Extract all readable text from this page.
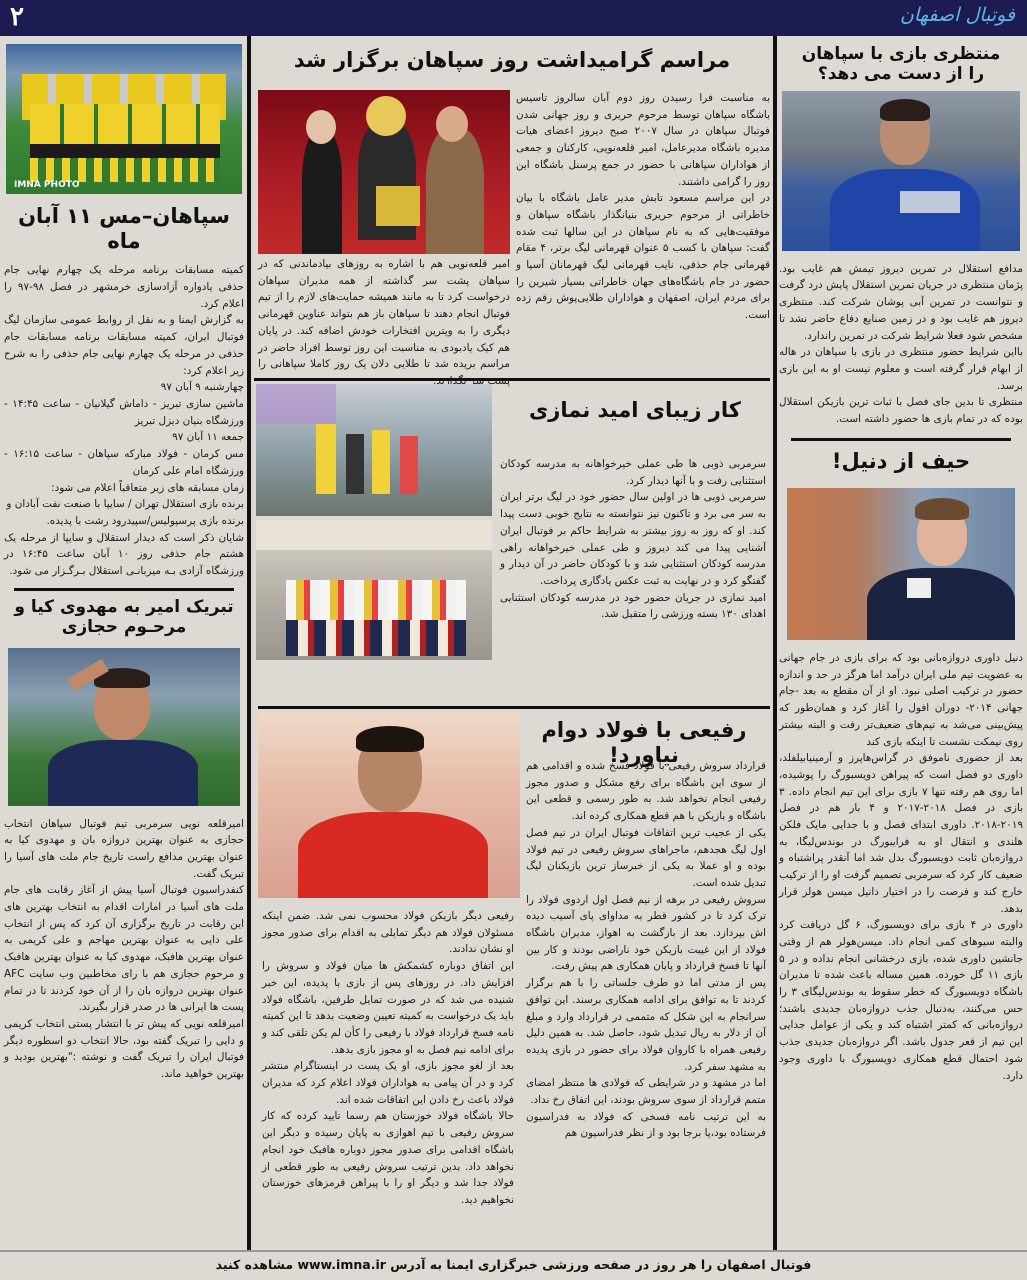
۲	فوتبال اصفهان
منتظری بازی با سپاهان را از دست می دهد؟

مدافع استقلال در تمرین دیروز تیمش هم غایب بود. پژمان منتظری در جریان تمرین استقلال پایش درد گرفت و نتوانست در تمرین آبی پوشان شرکت کند. منتظری دیروز هم غایب بود و در زمین صنایع دفاع حاضر نشد تا مشخص شود فعلا شرایط شرکت در تمرین راندارد.

بااین شرایط حضور منتظری در بازی با سپاهان در هاله از ابهام قرار گرفته است و معلوم نیست او به این بازی برسد.

منتظری تا بدین جای فصل با ثبات ترین بازیکن استقلال بوده که در تمام بازی ها حضور داشته است.

حیف از دنیل!

دنیل داوری دروازه‌بانی بود که برای بازی در جام جهانی به عضویت تیم ملی ایران درآمد اما هرگز در حد و اندازه حضور در ترکیب اصلی نبود. او از آن مقطع به بعد -جام جهانی ۲۰۱۴- دوران افول را آغاز کرد و همان‌طور که پیش‌بینی می‌شد به تیم‌های ضعیف‌تر رفت و البته بیشتر روی نیمکت نشست تا اینکه بازی کند

بعد از حضوری ناموفق در گراس‌هاپرز و آرمینیابیلفلد، داوری دو فصل است که پیراهن دویسبورگ را پوشیده، اما روی هم رفته تنها ۷ بازی برای این تیم انجام داده. ۳ بازی در فصل ۲۰۱۸-۲۰۱۷ و ۴ بار هم در فصل ۲۰۱۹-۲۰۱۸. داوری ابتدای فصل و با جدایی مایک فلکن هلندی و انتقال او به فرایبورگ در بوندس‌لیگا، به دروازه‌بان ثابت دویسبورگ بدل شد اما آنقدر پراشتباه و ضعیف کار کرد که سرمربی تصمیم گرفت او را از ترکیب خارج کند و فرصت را در اختیار دانیل میسن هولر قرار بدهد.

داوری در ۴ بازی برای دویسبورگ، ۶ گل دریافت کرد والبته سیوهای کمی انجام داد. میسن‌هولر هم از وقتی جانشین داوری شده، بازی درخشانی انجام نداده و در ۵ بازی ۱۱ گل خورده. همین مساله باعث شده تا مدیران باشگاه دویسبورگ که خطر سقوط به بوندس‌لیگای ۳ را حس می‌کنند، به‌دنبال جذب دروازه‌بان جدیدی باشند؛ دروازه‌بانی که کمتر اشتباه کند و یکی از عوامل جدایی این تیم از قعر جدول باشد. اگر دروازه‌بان جدیدی جذب شود احتمال قطع همکاری دویسبورگ با داوری وجود دارد.

مراسم گرامیداشت روز سپاهان برگزار شد

به مناسبت فرا رسیدن روز دوم آبان سالروز تاسیس باشگاه سپاهان توسط مرحوم حریری و روز جهانی شدن فوتبال سپاهان در سال ۲۰۰۷ صبح دیروز اعضای هیات مدیره باشگاه مدیرعامل، امیر قلعه‌نویی، کارکنان و جمعی از هواداران سپاهانی با حضور در جمع پرسنل باشگاه این روز را گرامی داشتند.

در این مراسم مسعود تابش مدیر عامل باشگاه با بیان خاطراتی از مرحوم حریری بنیانگذار باشگاه سپاهان و موفقیت‌هایی که به نام سپاهان در این سالها ثبت شده گفت: سپاهان با کسب ۵ عنوان قهرمانی لیگ برتر، ۴ مقام قهرمانی جام حذفی، نایب قهرمانی لیگ قهرمانان آسیا و حضور در جام باشگاه‌های جهان خاطراتی بسیار شیرین را برای مردم ایران، اصفهان و هواداران طلایی‌پوش رقم زده است.

امیر قلعه‌نویی هم با اشاره به روزهای بیادماندنی که در سپاهان پشت سر گذاشته از همه مدیران سپاهان درخواست کرد تا به مانند همیشه حمایت‌های لازم را از تیم فوتبال انجام دهند تا سپاهان باز هم بتواند عناوین قهرمانی دیگری را به ویترین افتخارات خودش اضافه کند. در پایان هم کیک یادبودی به مناسبت این روز توسط افراد حاضر در مراسم بریده شد تا طلایی دلان یک روز کاملا سپاهانی را

کار زیبای امید نمازی

سرمربی ذوبی ها طی عملی خیرخواهانه به مدرسه کودکان استثنایی رفت و با آنها دیدار کرد.

سرمربی ذوبی ها در اولین سال حضور خود در لیگ برتر ایران به سر می برد و تاکنون نیز نتوانسته به نتایج خوبی دست پیدا کند. او که روز به روز بیشتر به شرایط حاکم بر فوتبال ایران آشنایی پیدا می کند دیروز و طی عملی خیرخواهانه راهی مدرسه کودکان استثنایی شد و با کودکان حاضر در آن دیدار و گفتگو کرد و در نهایت به ثبت عکس یادگاری پرداخت.

امید نمازی در جریان حضور خود در مدرسه کودکان استثنایی اهدای ۱۳۰ بسته ورزشی را متقبل شد.

رفیعی با فولاد دوام نیاورد!

قرارداد سروش رفیعی با فولاد فسخ شده و اقدامی هم از سوی این باشگاه برای رفع مشکل و صدور مجوز رفیعی انجام نخواهد شد. به طور رسمی و قطعی این باشگاه و بازیکن با هم قطع همکاری کرده اند.

یکی از عجیب ترین اتفاقات فوتبال ایران در نیم فصل اول لیگ هجدهم، ماجراهای سروش رفیعی در تیم فولاد بوده و او عملا به یکی از خبرساز ترین بازیکنان لیگ تبدیل شده است.

سروش رفیعی در برهه از نیم فصل اول اردوی فولاد را ترک کرد تا در کشور قطر به مداوای پای آسیب دیده اش بپردازد. بعد از بازگشت به اهواز، مدیران باشگاه فولاد از این غیبت بازیکن خود ناراضی بودند و کار بین آنها تا فسخ قرارداد و پایان همکاری هم پیش رفت.

پس از مدتی اما دو طرف جلساتی را با هم برگزار کردند تا به توافق برای ادامه همکاری برسند. این توافق سرانجام به این شکل که متممی در قرارداد وارد و مبلغ آن از دلار به ریال تبدیل شود، حاصل شد. به همین دلیل رفیعی همراه با کاروان فولاد برای حضور در بازی پدیده به مشهد سفر کرد.

اما در مشهد و در شرایطی که فولادی ها منتظر امضای متمم قرارداد از سوی سروش بودند، این اتفاق رخ نداد.

به این ترتیب نامه فسخی که فولاد به فدراسیون فرستاده بود،پا برجا بود و از نظر فدراسیون هم

رفیعی دیگر بازیکن فولاد محسوب نمی شد. ضمن اینکه مسئولان فولاد هم دیگر تمایلی به اقدام برای صدور مجوز او نشان ندادند.

این اتفاق دوباره کشمکش ها میان فولاد و سروش را افزایش داد. در روزهای پس از بازی با پدیده، این خبر شنیده می شد که در صورت تمایل طرفین، باشگاه فولاد باید یک درخواست به کمیته تعیین وضعیت بدهد تا این کمیته نامه فسخ قرارداد فولاد با رفیعی را کأن لم یکن تلقی کند و برای ادامه نیم فصل به او مجوز بازی بدهد.

بعد از لغو مجوز بازی، او یک پست در اینستاگرام منتشر کرد و در آن پیامی به هواداران فولاد اعلام کرد که مدیران فولاد باعث رخ دادن این اتفاقات شده اند.

حالا باشگاه فولاد خوزستان هم رسما تایید کرده که کار سروش رفیعی با تیم اهوازی به پایان رسیده و دیگر این باشگاه اقدامی برای صدور مجوز دوباره هافبک خود انجام نخواهد داد. بدین ترتیب سروش رفیعی به طور قطعی از فولاد جدا شد و دیگر او را با پیراهن قرمزهای خوزستان نخواهیم دید.

IMNA PHOTO
سپاهان–مس ۱۱ آبان ماه

کمیته مسابقات برنامه مرحله یک چهارم نهایی جام حذفی یادواره آزادسازی خرمشهر در فصل ۹۸-۹۷ را اعلام کرد.

به گزارش ایمنا و به نقل از روابط عمومی سازمان لیگ فوتبال ایران، کمیته مسابقات برنامه مسابقات جام حذفی در مرحله یک چهارم نهایی جام حذفی را به شرح زیر اعلام کرد:

چهارشنبه ۹ آبان ۹۷

ماشین سازی تبریز - داماش گیلانیان - ساعت ۱۴:۴۵ - ورزشگاه بنیان دیزل تبریز

جمعه ۱۱ آبان ۹۷

مس کرمان - فولاد مبارکه سپاهان - ساعت ۱۶:۱۵ - ورزشگاه امام علی کرمان

زمان مسابقه های زیر متعاقباً اعلام می شود:

برنده بازی استقلال تهران / سایپا با صنعت نفت آبادان و

برنده بازی پرسپولیس/سپیدرود رشت با پدیده.

شایان ذکر است که دیدار استقلال و سایپا از مرحله یک هشتم جام حذفی روز ۱۰ آبان ساعت ۱۶:۴۵ در ورزشگاه آزادی بـه میزبانـی استقلال بـرگـزار می شود.

تبریک امیر به مهدوی کیا و مرحـوم حجازی

امیرقلعه نویی سرمربی تیم فوتبال سپاهان انتخاب حجازی به عنوان بهترین دروازه بان و مهدوی کیا به عنوان بهترین مدافع راست تاریخ جام ملت های آسیا را تبریک گفت.

کنفدراسیون فوتبال آسیا پیش از آغاز رقابت های جام ملت های آسیا در امارات اقدام به انتخاب بهترین های این رقابت در تاریخ برگزاری آن کرد که پس از انتخاب علی دایی به عنوان بهترین مهاجم و علی کریمی به عنوان بهترین هافبک، مهدوی کیا به عنوان بهترین هافبک و مرحوم حجازی هم با رای مخاطبین وب سایت AFC عنوان بهترین دروازه بان را از آن خود کردند تا در تمام پست ها ایرانی ها در صدر قرار بگیرند.

امیرقلعه نویی که پیش تر با انتشار پستی انتخاب کریمی و دایی را تبریک گفته بود، حالا انتخاب دو اسطوره دیگر فوتبال ایران را تبریک گفت و نوشته :"بهترین بودید و بهترین خواهید ماند.

فوتبال اصفهان را هر روز در صفحه ورزشی خبرگزاری ایمنا به آدرس www.imna.ir مشاهده کنید
